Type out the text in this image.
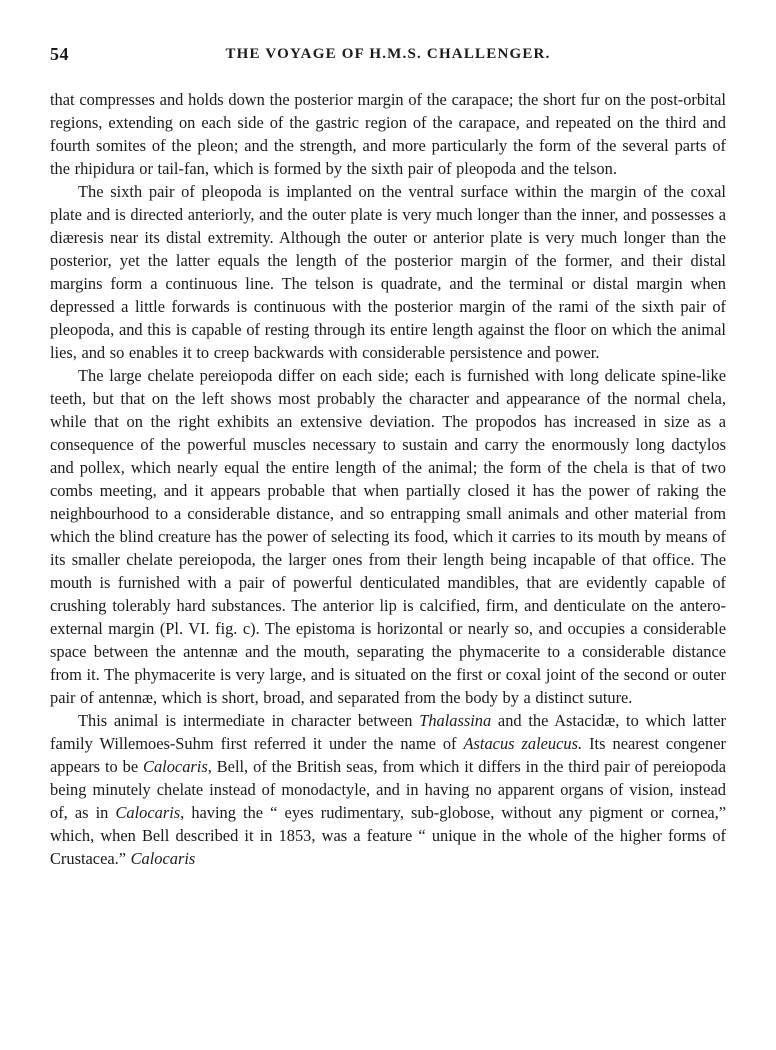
54	THE VOYAGE OF H.M.S. CHALLENGER.

that compresses and holds down the posterior margin of the carapace; the short fur on the post-orbital regions, extending on each side of the gastric region of the carapace, and repeated on the third and fourth somites of the pleon; and the strength, and more particularly the form of the several parts of the rhipidura or tail-fan, which is formed by the sixth pair of pleopoda and the telson.

The sixth pair of pleopoda is implanted on the ventral surface within the margin of the coxal plate and is directed anteriorly, and the outer plate is very much longer than the inner, and possesses a diæresis near its distal extremity. Although the outer or anterior plate is very much longer than the posterior, yet the latter equals the length of the posterior margin of the former, and their distal margins form a continuous line. The telson is quadrate, and the terminal or distal margin when depressed a little forwards is continuous with the posterior margin of the rami of the sixth pair of pleopoda, and this is capable of resting through its entire length against the floor on which the animal lies, and so enables it to creep backwards with considerable persistence and power.

The large chelate pereiopoda differ on each side; each is furnished with long delicate spine-like teeth, but that on the left shows most probably the character and appearance of the normal chela, while that on the right exhibits an extensive deviation. The propodos has increased in size as a consequence of the powerful muscles necessary to sustain and carry the enormously long dactylos and pollex, which nearly equal the entire length of the animal; the form of the chela is that of two combs meeting, and it appears probable that when partially closed it has the power of raking the neighbourhood to a considerable distance, and so entrapping small animals and other material from which the blind creature has the power of selecting its food, which it carries to its mouth by means of its smaller chelate pereiopoda, the larger ones from their length being incapable of that office. The mouth is furnished with a pair of powerful denticulated mandibles, that are evidently capable of crushing tolerably hard substances. The anterior lip is calcified, firm, and denticulate on the antero-external margin (Pl. VI. fig. c). The epistoma is horizontal or nearly so, and occupies a considerable space between the antennæ and the mouth, separating the phymacerite to a considerable distance from it. The phymacerite is very large, and is situated on the first or coxal joint of the second or outer pair of antennæ, which is short, broad, and separated from the body by a distinct suture.

This animal is intermediate in character between Thalassina and the Astacidæ, to which latter family Willemoes-Suhm first referred it under the name of Astacus zaleucus. Its nearest congener appears to be Calocaris, Bell, of the British seas, from which it differs in the third pair of pereiopoda being minutely chelate instead of monodactyle, and in having no apparent organs of vision, instead of, as in Calocaris, having the “ eyes rudimentary, sub-globose, without any pigment or cornea,” which, when Bell described it in 1853, was a feature “ unique in the whole of the higher forms of Crustacea.” Calocaris
